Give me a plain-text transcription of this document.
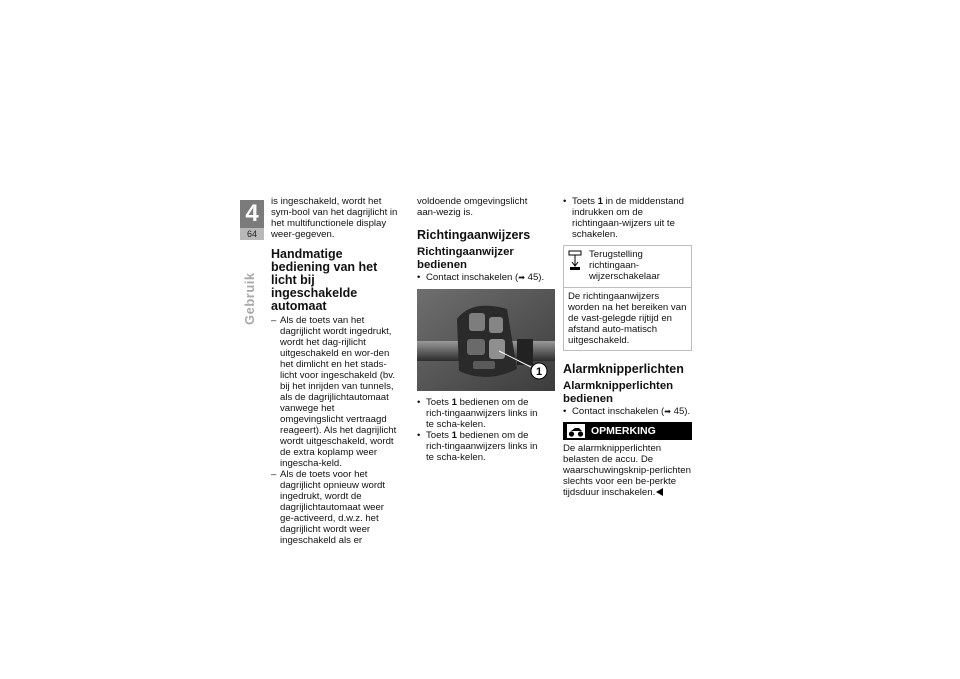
4
64
Gebruik

is ingeschakeld, wordt het sym-bool van het dagrijlicht in het multifunctionele display weer-gegeven.

Handmatige bediening van het licht bij ingeschakelde automaat

– Als de toets van het dagrijlicht wordt ingedrukt, wordt het dag-rijlicht uitgeschakeld en wor-den het dimlicht en het stads-licht voor ingeschakeld (bv. bij het inrijden van tunnels, als de dagrijlichtautomaat vanwege het omgevingslicht vertraagd reageert). Als het dagrijlicht wordt uitgeschakeld, wordt de extra koplamp weer ingescha-keld.

– Als de toets voor het dagrijlicht opnieuw wordt ingedrukt, wordt de dagrijlichtautomaat weer ge-activeerd, d.w.z. het dagrijlicht wordt weer ingeschakeld als er

voldoende omgevingslicht aan-wezig is.

Richtingaanwijzers
Richtingaanwijzer bedienen

• Contact inschakelen (➡ 45).

1

• Toets 1 bedienen om de rich-tingaanwijzers links in te scha-kelen.

• Toets 1 bedienen om de rich-tingaanwijzers links in te scha-kelen.

• Toets 1 in de middenstand indrukken om de richtingaan-wijzers uit te schakelen.

Terugstelling richtingaan-wijzerschakelaar
De richtingaanwijzers worden na het bereiken van de vast-gelegde rijtijd en afstand auto-matisch uitgeschakeld.
Alarmknipperlichten
Alarmknipperlichten bedienen

• Contact inschakelen (➡ 45).

OPMERKING

De alarmknipperlichten belasten de accu. De waarschuwingsknip-perlichten slechts voor een be-perkte tijdsduur inschakelen.
